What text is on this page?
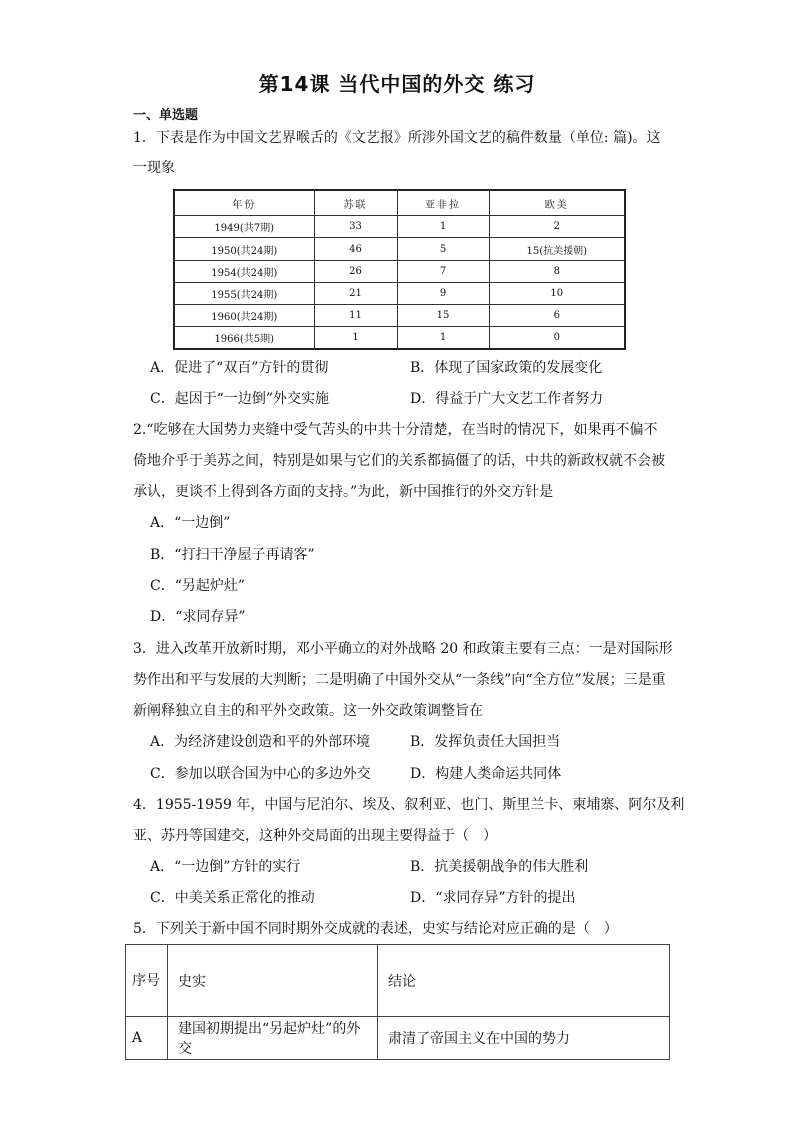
第14课 当代中国的外交 练习
一、单选题
1．下表是作为中国文艺界喉舌的《文艺报》所涉外国文艺的稿件数量（单位: 篇)。这
一现象
年份	苏联	亚非拉	欧美
1949(共7期)	33	1	2
1950(共24期)	46	5	15(抗美援朝)
1954(共24期)	26	7	8
1955(共24期)	21	9	10
1960(共24期)	11	15	6
1966(共5期)	1	1	0
A．促进了“双百”方针的贯彻	B．体现了国家政策的发展变化
C．起因于“一边倒”外交实施	D．得益于广大文艺工作者努力
2.“吃够在大国势力夹缝中受气苦头的中共十分清楚，在当时的情况下，如果再不偏不
倚地介乎于美苏之间，特别是如果与它们的关系都搞僵了的话，中共的新政权就不会被
承认，更谈不上得到各方面的支持。”为此，新中国推行的外交方针是
A．“一边倒”
B．“打扫干净屋子再请客”
C．“另起炉灶”
D．“求同存异”
3．进入改革开放新时期，邓小平确立的对外战略 20 和政策主要有三点：一是对国际形
势作出和平与发展的大判断；二是明确了中国外交从“一条线”向“全方位”发展；三是重
新阐释独立自主的和平外交政策。这一外交政策调整旨在
A．为经济建设创造和平的外部环境	B．发挥负责任大国担当
C．参加以联合国为中心的多边外交	D．构建人类命运共同体
4．1955-1959 年，中国与尼泊尔、埃及、叙利亚、也门、斯里兰卡、柬埔寨、阿尔及利
亚、苏丹等国建交，这种外交局面的出现主要得益于（　）
A．“一边倒”方针的实行	B．抗美援朝战争的伟大胜利
C．中美关系正常化的推动	D．“求同存异”方针的提出
5．下列关于新中国不同时期外交成就的表述，史实与结论对应正确的是（　）
序号	史实	结论
A	建国初期提出“另起炉灶”的外交	肃清了帝国主义在中国的势力
